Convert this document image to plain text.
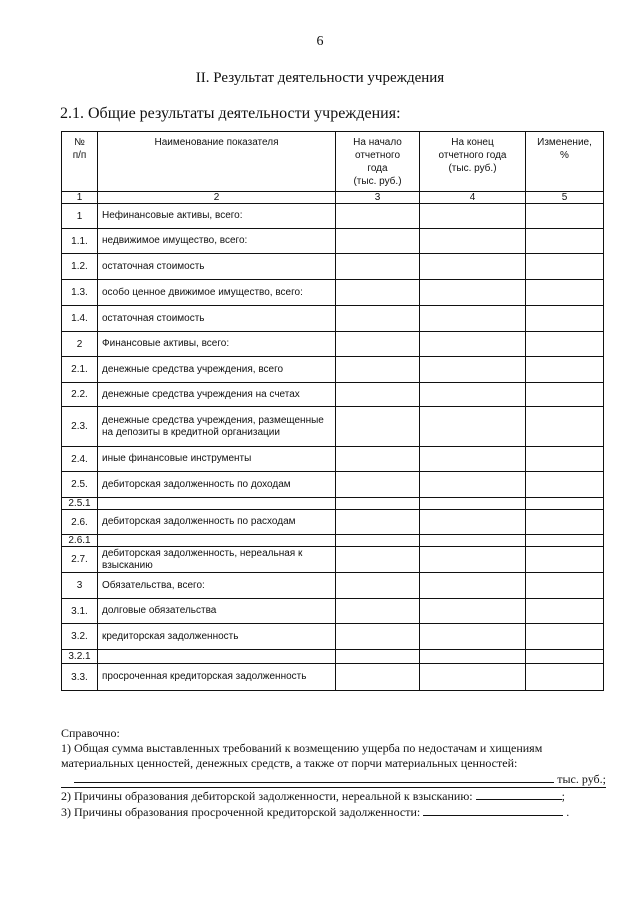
6
II. Результат деятельности учреждения
2.1. Общие результаты деятельности учреждения:
№
п/п	Наименование показателя	На начало
отчетного
года
(тыс. руб.)	На конец
отчетного года
(тыс. руб.)	Изменение,
%
1	2	3	4	5
1	Нефинансовые активы, всего:			
1.1.	недвижимое имущество, всего:			
1.2.	остаточная стоимость			
1.3.	особо ценное движимое имущество, всего:			
1.4.	остаточная стоимость			
2	Финансовые активы, всего:			
2.1.	денежные средства учреждения, всего			
2.2.	денежные средства учреждения на счетах			
2.3.	денежные средства учреждения, размещенные на депозиты в кредитной организации			
2.4.	иные финансовые инструменты			
2.5.	дебиторская задолженность по доходам			
2.5.1				
2.6.	дебиторская задолженность по расходам			
2.6.1				
2.7.	дебиторская задолженность, нереальная к взысканию			
3	Обязательства, всего:			
3.1.	долговые обязательства			
3.2.	кредиторская задолженность			
3.2.1				
3.3.	просроченная кредиторская задолженность			
Справочно:
1) Общая сумма выставленных требований к возмещению ущерба по недостачам и хищениям
материальных ценностей, денежных средств, а также от порчи материальных ценностей:
тыс. руб.;
2) Причины образования дебиторской задолженности, нереальной к взысканию:	;
3) Причины образования просроченной кредиторской задолженности:	.
